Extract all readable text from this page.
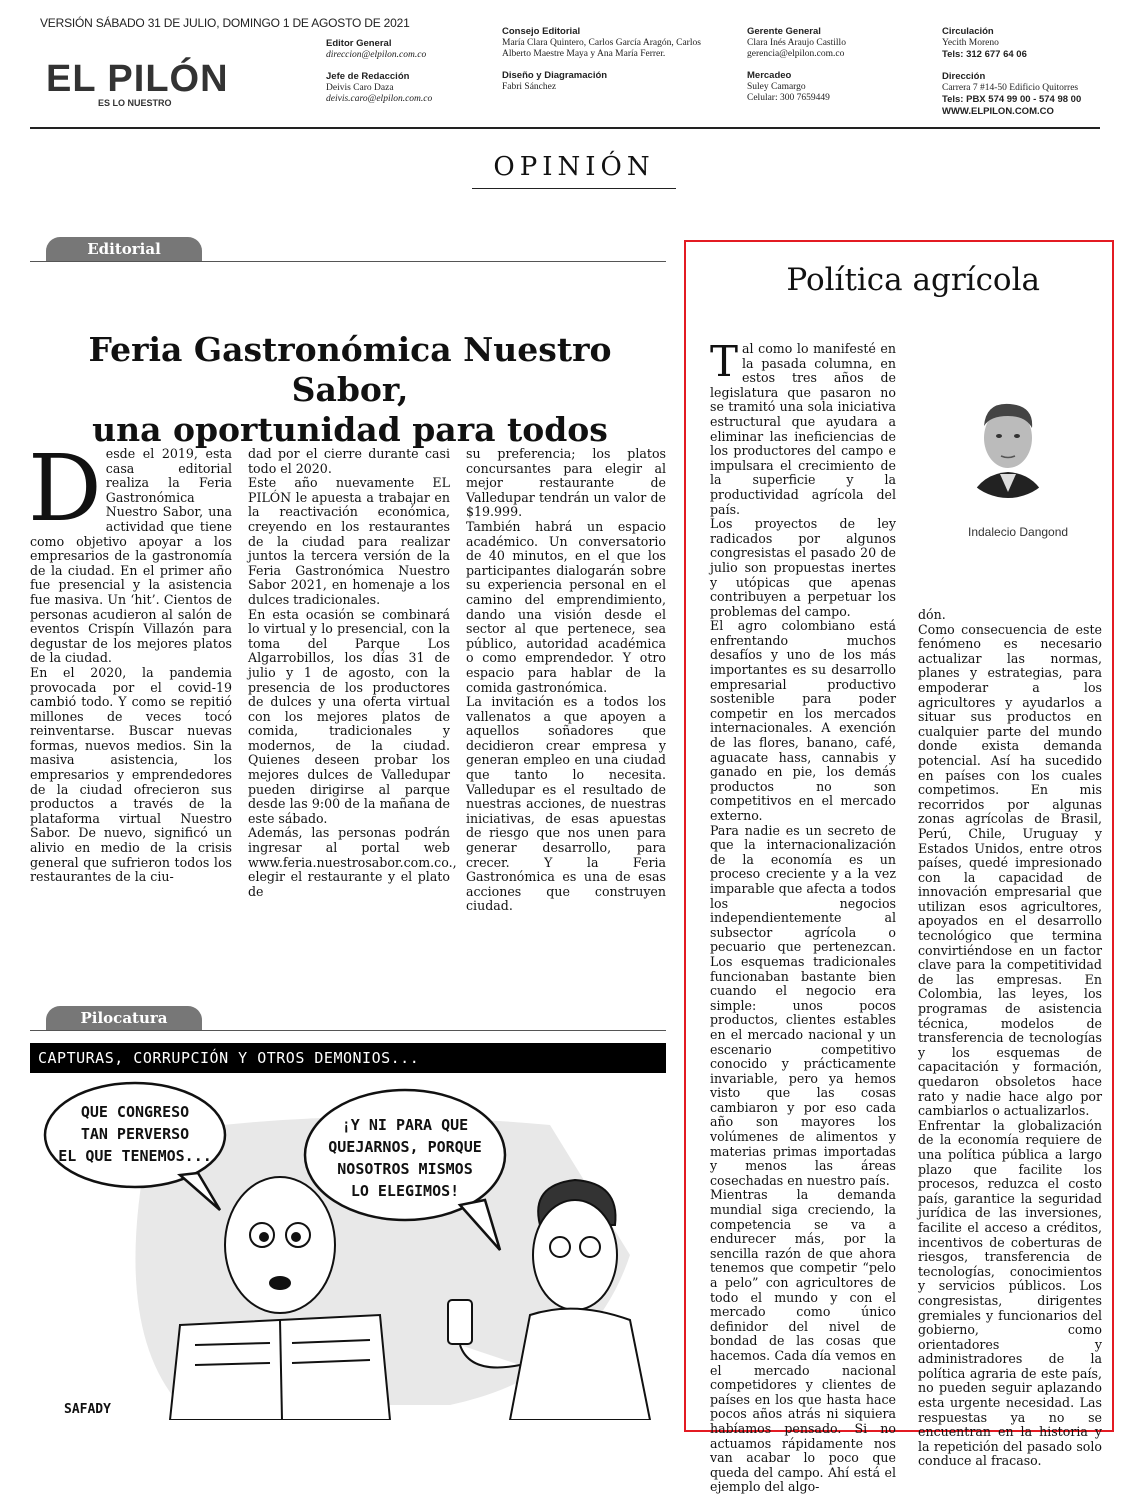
VERSIÓN SÁBADO 31 DE JULIO, DOMINGO 1 DE AGOSTO DE 2021
EL PILÓN
ES LO NUESTRO
Editor General
direccion@elpilon.com.co
Jefe de Redacción
Deivis Caro Daza
deivis.caro@elpilon.com.co
Consejo Editorial
María Clara Quintero, Carlos García Aragón, Carlos Alberto Maestre Maya y Ana María Ferrer.
Diseño y Diagramación
Fabri Sánchez
Gerente General
Clara Inés Araujo Castillo
gerencia@elpilon.com.co
Mercadeo
Suley Camargo
Celular: 300 7659449
Circulación
Yecith Moreno
Tels: 312 677 64 06
Dirección
Carrera 7 #14-50 Edificio Quitorres
Tels: PBX 574 99 00 - 574 98 00
WWW.ELPILON.COM.CO
OPINIÓN
Editorial
Feria Gastronómica Nuestro Sabor,
una oportunidad para todos
D esde el 2019, esta casa editorial realiza la Feria Gastronómica Nuestro Sabor, una actividad que tiene como objetivo apoyar a los empresarios de la gastronomía de la ciudad. En el primer año fue presencial y la asistencia fue masiva. Un ‘hit’. Cientos de personas acudieron al salón de eventos Crispín Villazón para degustar de los mejores platos de la ciudad.

En el 2020, la pandemia provocada por el covid-19 cambió todo. Y como se repitió millones de veces tocó reinventarse. Buscar nuevas formas, nuevos medios. Sin la masiva asistencia, los empresarios y emprendedores de la ciudad ofrecieron sus productos a través de la plataforma virtual Nuestro Sabor. De nuevo, significó un alivio en medio de la crisis general que sufrieron todos los restaurantes de la ciu-

dad por el cierre durante casi todo el 2020.

Este año nuevamente EL PILÓN le apuesta a trabajar en la reactivación económica, creyendo en los restaurantes de la ciudad para realizar juntos la tercera versión de la Feria Gastronómica Nuestro Sabor 2021, en homenaje a los dulces tradicionales.

En esta ocasión se combinará lo virtual y lo presencial, con la toma del Parque Los Algarrobillos, los días 31 de julio y 1 de agosto, con la presencia de los productores de dulces y una oferta virtual con los mejores platos de comida, tradicionales y modernos, de la ciudad. Quienes deseen probar los mejores dulces de Valledupar pueden dirigirse al parque desde las 9:00 de la mañana de este sábado.

Además, las personas podrán ingresar al portal web www.feria.nuestrosabor.com.co., elegir el restaurante y el plato de

su preferencia; los platos concursantes para elegir al mejor restaurante de Valledupar tendrán un valor de $19.999.

También habrá un espacio académico. Un conversatorio de 40 minutos, en el que los participantes dialogarán sobre su experiencia personal en el camino del emprendimiento, dando una visión desde el sector al que pertenece, sea público, autoridad académica o como emprendedor. Y otro espacio para hablar de la comida gastronómica.

La invitación es a todos los vallenatos a que apoyen a aquellos soñadores que decidieron crear empresa y generan empleo en una ciudad que tanto lo necesita. Valledupar es el resultado de nuestras acciones, de nuestras iniciativas, de esas apuestas de riesgo que nos unen para generar desarrollo, para crecer. Y la Feria Gastronómica es una de esas acciones que construyen ciudad.

Pilocatura
CAPTURAS, CORRUPCIÓN Y OTROS DEMONIOS...
QUE CONGRESO
TAN PERVERSO
EL QUE TENEMOS...
¡Y NI PARA QUE
QUEJARNOS, PORQUE
NOSOTROS MISMOS
LO ELEGIMOS!
SAFADY
Política agrícola
Indalecio Dangond
T al como lo manifesté en la pasada columna, en estos tres años de legislatura que pasaron no se tramitó una sola iniciativa estructural que ayudara a eliminar las ineficiencias de los productores del campo e impulsara el crecimiento de la superficie y la productividad agrícola del país.

Los proyectos de ley radicados por algunos congresistas el pasado 20 de julio son propuestas inertes y utópicas que apenas contribuyen a perpetuar los problemas del campo.

El agro colombiano está enfrentando muchos desafíos y uno de los más importantes es su desarrollo empresarial productivo sostenible para poder competir en los mercados internacionales. A exención de las flores, banano, café, aguacate hass, cannabis y ganado en pie, los demás productos no son competitivos en el mercado externo.

Para nadie es un secreto de que la internacionalización de la economía es un proceso creciente y a la vez imparable que afecta a todos los negocios independientemente al subsector agrícola o pecuario que pertenezcan. Los esquemas tradicionales funcionaban bastante bien cuando el negocio era simple: unos pocos productos, clientes estables en el mercado nacional y un escenario competitivo conocido y prácticamente invariable, pero ya hemos visto que las cosas cambiaron y por eso cada año son mayores los volúmenes de alimentos y materias primas importadas y menos las áreas cosechadas en nuestro país.

Mientras la demanda mundial siga creciendo, la competencia se va a endurecer más, por la sencilla razón de que ahora tenemos que competir “pelo a pelo” con agricultores de todo el mundo y con el mercado como único definidor del nivel de bondad de las cosas que hacemos. Cada día vemos en el mercado nacional competidores y clientes de países en los que hasta hace pocos años atrás ni siquiera habíamos pensado. Si no actuamos rápidamente nos van acabar lo poco que queda del campo. Ahí está el ejemplo del algo-

dón.

Como consecuencia de este fenómeno es necesario actualizar las normas, planes y estrategias, para empoderar a los agricultores y ayudarlos a situar sus productos en cualquier parte del mundo donde exista demanda potencial. Así ha sucedido en países con los cuales competimos. En mis recorridos por algunas zonas agrícolas de Brasil, Perú, Chile, Uruguay y Estados Unidos, entre otros países, quedé impresionado con la capacidad de innovación empresarial que utilizan esos agricultores, apoyados en el desarrollo tecnológico que termina convirtiéndose en un factor clave para la competitividad de las empresas. En Colombia, las leyes, los programas de asistencia técnica, modelos de transferencia de tecnologías y los esquemas de capacitación y formación, quedaron obsoletos hace rato y nadie hace algo por cambiarlos o actualizarlos.

Enfrentar la globalización de la economía requiere de una política pública a largo plazo que facilite los procesos, reduzca el costo país, garantice la seguridad jurídica de las inversiones, facilite el acceso a créditos, incentivos de coberturas de riesgos, transferencia de tecnologías, conocimientos y servicios públicos. Los congresistas, dirigentes gremiales y funcionarios del gobierno, como orientadores y administradores de la política agraria de este país, no pueden seguir aplazando esta urgente necesidad. Las respuestas ya no se encuentran en la historia y la repetición del pasado solo conduce al fracaso.
